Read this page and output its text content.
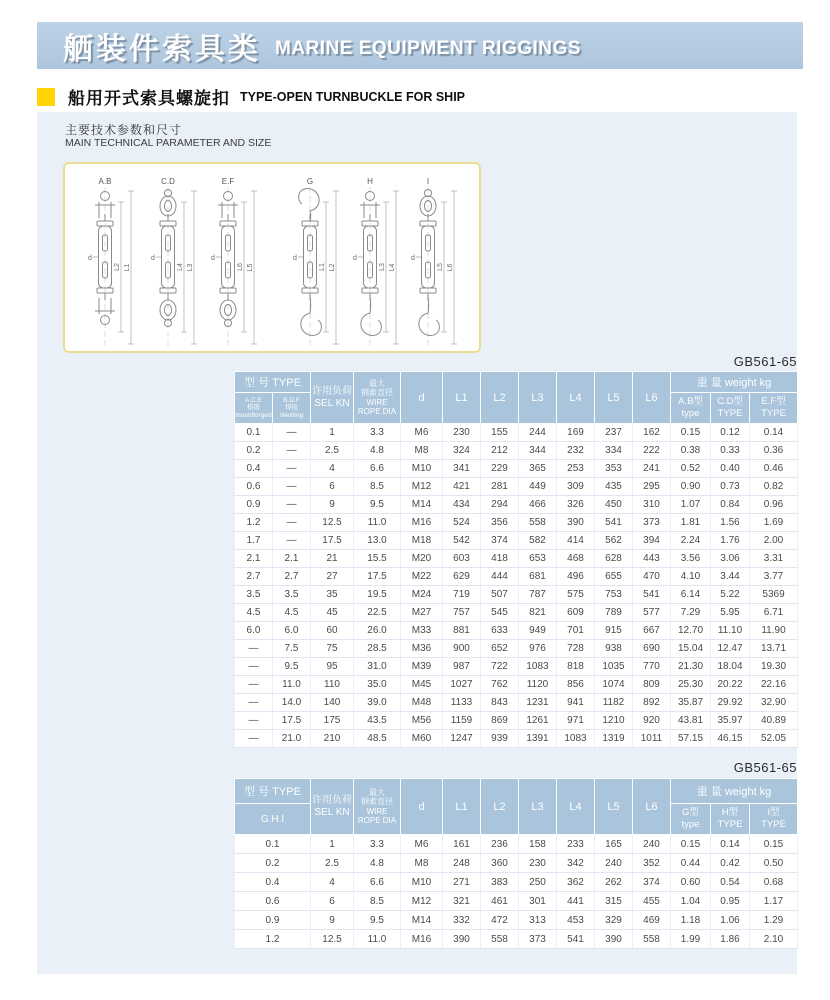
舾装件索具类 MARINE EQUIPMENT RIGGINGS
船用开式索具螺旋扣 TYPE-OPEN TURNBUCKLE FOR SHIP
主要技术参数和尺寸
MAIN TECHNICAL PARAMETER AND SIZE
A.B
L2 L1
d
C.D
L4 L3
d
E.F
L6 L5
d
G
L1 L2
d
H
L3 L4
d
I
L5 L6
d
GB561-65
型 号 TYPE		许用负荷
SEL KN	最大
钢索直径
WIRE
ROPE DIA	d	L1	L2	L3	L4	L5	L6	重 量 weight kg		

A.C.E
模锻
mouldforged

B.D.F
焊接
Welding

A.B型
type

C.D型
TYPE

E.F型
TYPE

0.1	—	1	3.3	M6	230	155	244	169	237	162	0.15	0.12	0.14
0.2	—	2.5	4.8	M8	324	212	344	232	334	222	0.38	0.33	0.36
0.4	—	4	6.6	M10	341	229	365	253	353	241	0.52	0.40	0.46
0.6	—	6	8.5	M12	421	281	449	309	435	295	0.90	0.73	0.82
0.9	—	9	9.5	M14	434	294	466	326	450	310	1.07	0.84	0.96
1.2	—	12.5	11.0	M16	524	356	558	390	541	373	1.81	1.56	1.69
1.7	—	17.5	13.0	M18	542	374	582	414	562	394	2.24	1.76	2.00
2.1	2.1	21	15.5	M20	603	418	653	468	628	443	3.56	3.06	3.31
2.7	2.7	27	17.5	M22	629	444	681	496	655	470	4.10	3.44	3.77
3.5	3.5	35	19.5	M24	719	507	787	575	753	541	6.14	5.22	5369
4.5	4.5	45	22.5	M27	757	545	821	609	789	577	7.29	5.95	6.71
6.0	6.0	60	26.0	M33	881	633	949	701	915	667	12.70	11.10	11.90
—	7.5	75	28.5	M36	900	652	976	728	938	690	15.04	12.47	13.71
—	9.5	95	31.0	M39	987	722	1083	818	1035	770	21.30	18.04	19.30
—	11.0	110	35.0	M45	1027	762	1120	856	1074	809	25.30	20.22	22.16
—	14.0	140	39.0	M48	1133	843	1231	941	1182	892	35.87	29.92	32.90
—	17.5	175	43.5	M56	1159	869	1261	971	1210	920	43.81	35.97	40.89
—	21.0	210	48.5	M60	1247	939	1391	1083	1319	1011	57.15	46.15	52.05
GB561-65
型 号 TYPE	许用负荷
SEL KN	最大
钢索直径
WIRE
ROPE DIA	d	L1	L2	L3	L4	L5	L6	重 量 weight kg		
G.H.I	
G型
type

H型
TYPE

I型
TYPE

0.1	1	3.3	M6	161	236	158	233	165	240	0.15	0.14	0.15
0.2	2.5	4.8	M8	248	360	230	342	240	352	0.44	0.42	0.50
0.4	4	6.6	M10	271	383	250	362	262	374	0.60	0.54	0.68
0.6	6	8.5	M12	321	461	301	441	315	455	1.04	0.95	1.17
0.9	9	9.5	M14	332	472	313	453	329	469	1.18	1.06	1.29
1.2	12.5	11.0	M16	390	558	373	541	390	558	1.99	1.86	2.10
